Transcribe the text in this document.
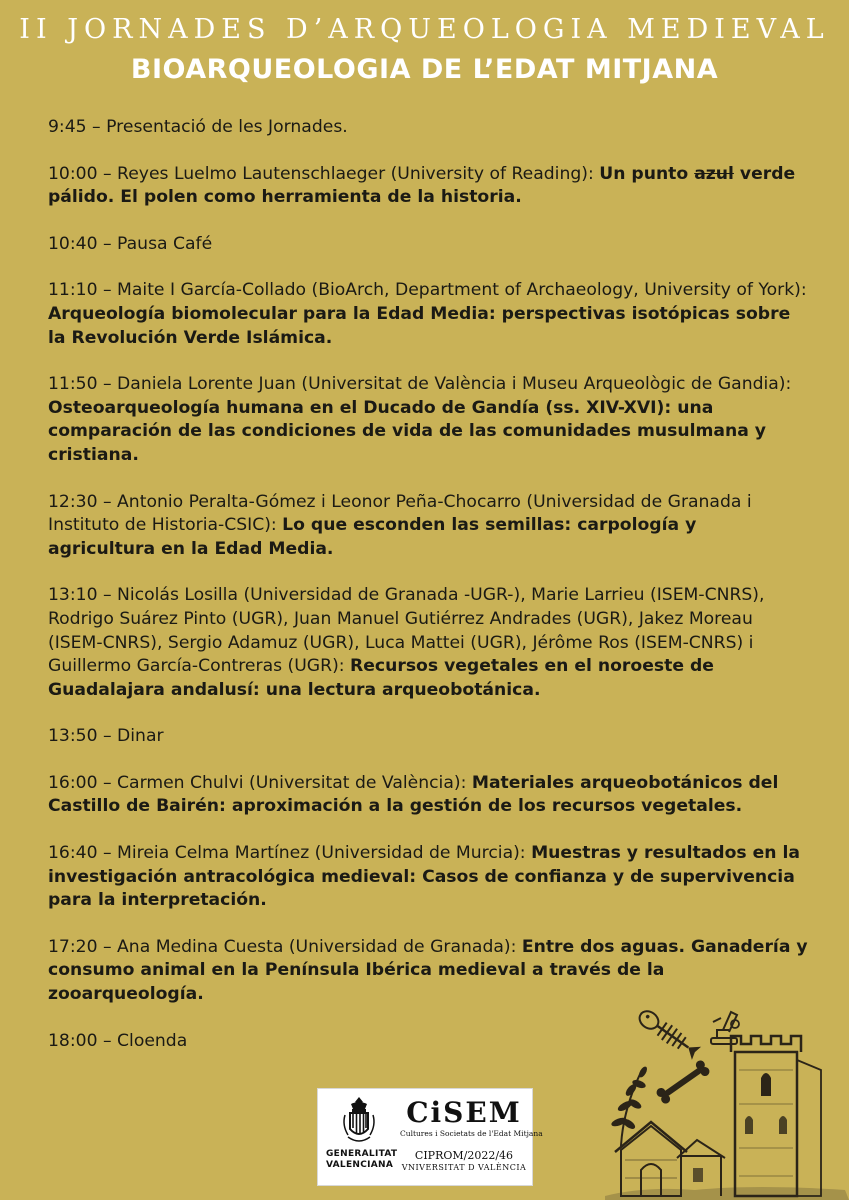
II JORNADES D’ARQUEOLOGIA MEDIEVAL
BIOARQUEOLOGIA DE L’EDAT MITJANA

9:45 – Presentació de les Jornades.

10:00 – Reyes Luelmo Lautenschlaeger (University of Reading): Un punto azul verde pálido. El polen como herramienta de la historia.

10:40 – Pausa Café

11:10 – Maite I García-Collado (BioArch, Department of Archaeology, University of York): Arqueología biomolecular para la Edad Media: perspectivas isotópicas sobre la Revolución Verde Islámica.

11:50 – Daniela Lorente Juan (Universitat de València i Museu Arqueològic de Gandia): Osteoarqueología humana en el Ducado de Gandía (ss. XIV-XVI): una comparación de las condiciones de vida de las comunidades musulmana y cristiana.

12:30 – Antonio Peralta-Gómez i Leonor Peña-Chocarro (Universidad de Granada i Instituto de Historia-CSIC): Lo que esconden las semillas: carpología y agricultura en la Edad Media.

13:10 – Nicolás Losilla (Universidad de Granada -UGR-), Marie Larrieu (ISEM-CNRS), Rodrigo Suárez Pinto (UGR), Juan Manuel Gutiérrez Andrades (UGR), Jakez Moreau (ISEM-CNRS), Sergio Adamuz (UGR), Luca Mattei (UGR), Jérôme Ros (ISEM-CNRS) i Guillermo García-Contreras (UGR): Recursos vegetales en el noroeste de Guadalajara andalusí: una lectura arqueobotánica.

13:50 – Dinar

16:00 – Carmen Chulvi (Universitat de València): Materiales arqueobotánicos del Castillo de Bairén: aproximación a la gestión de los recursos vegetales.

16:40 – Mireia Celma Martínez (Universidad de Murcia): Muestras y resultados en la investigación antracológica medieval: Casos de confianza y de supervivencia para la interpretación.

17:20 – Ana Medina Cuesta (Universidad de Granada): Entre dos aguas. Ganadería y consumo animal en la Península Ibérica medieval a través de la zooarqueología.

18:00 – Cloenda

GENERALITAT VALENCIANA
CiSEM
Cultures i Societats de l'Edat Mitjana
CIPROM/2022/46
VNIVERSITAT D VALÈNCIA
